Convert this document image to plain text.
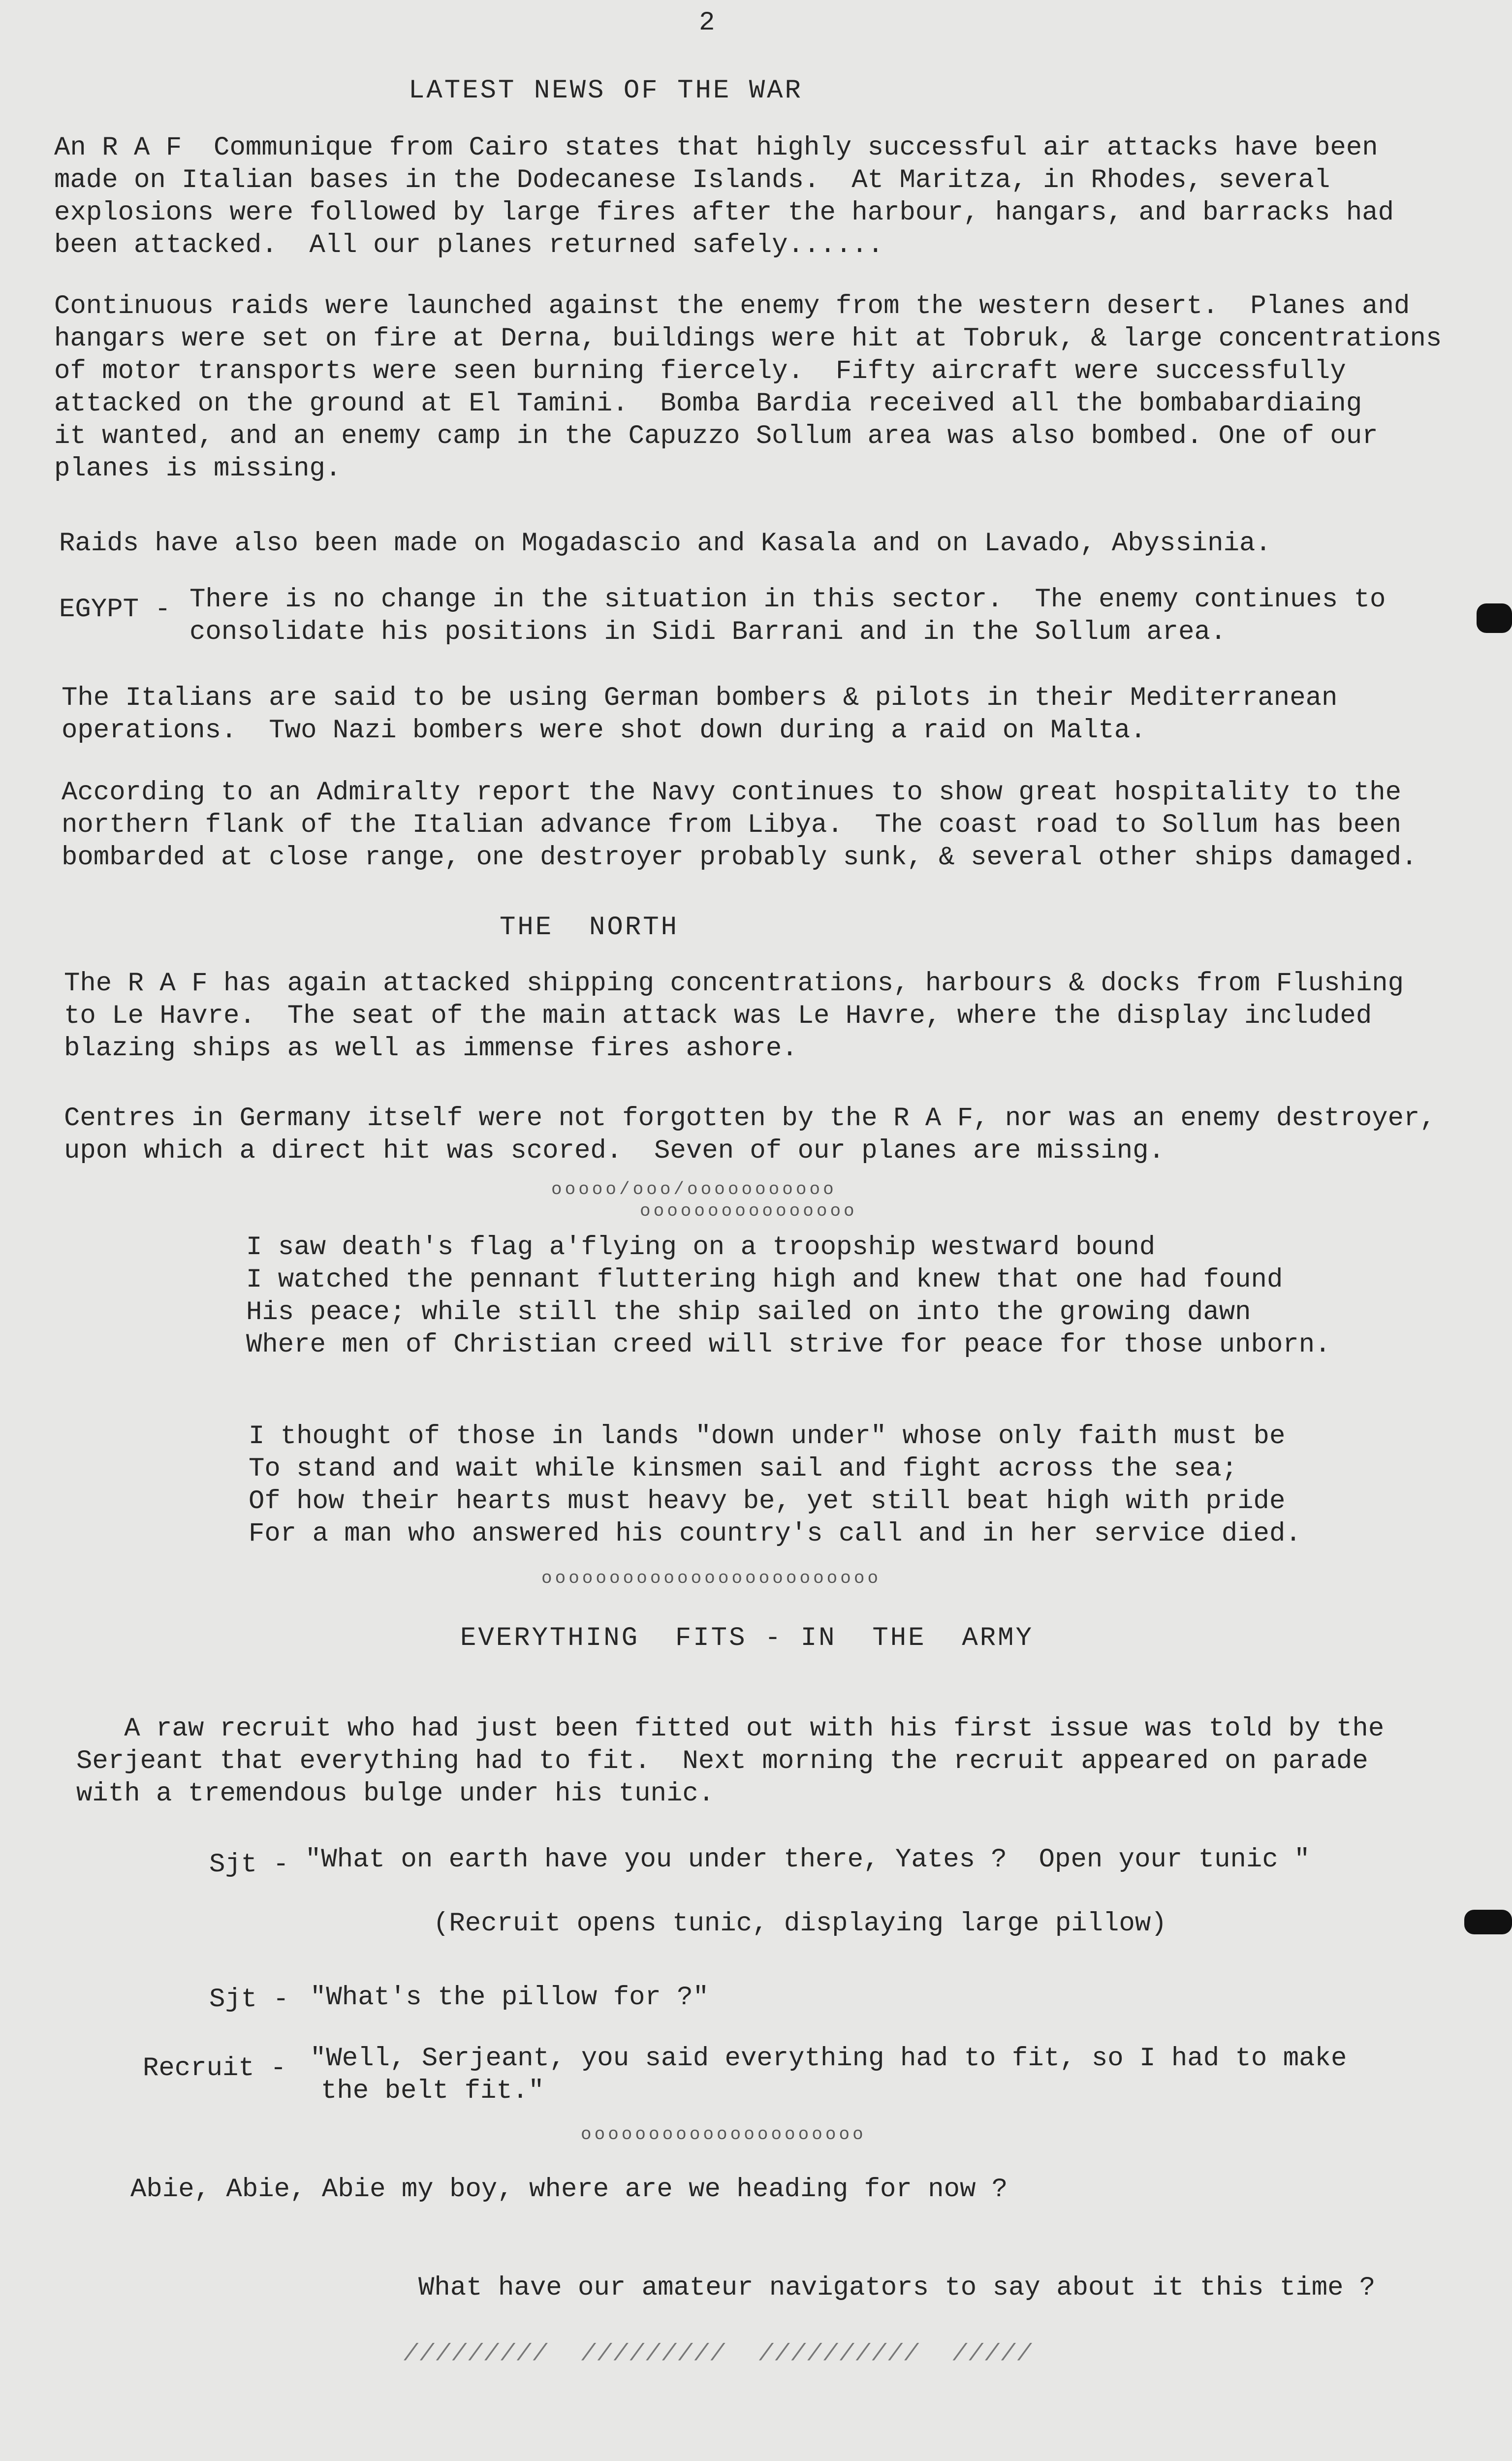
2
LATEST NEWS OF THE WAR
An R A F  Communique from Cairo states that highly successful air attacks have been
made on Italian bases in the Dodecanese Islands.  At Maritza, in Rhodes, several
explosions were followed by large fires after the harbour, hangars, and barracks had
been attacked.  All our planes returned safely......
Continuous raids were launched against the enemy from the western desert.  Planes and
hangars were set on fire at Derna, buildings were hit at Tobruk, & large concentrations
of motor transports were seen burning fiercely.  Fifty aircraft were successfully
attacked on the ground at El Tamini.  Bomba Bardia received all the bombabardiaing
it wanted, and an enemy camp in the Capuzzo Sollum area was also bombed. One of our
planes is missing.
Raids have also been made on Mogadascio and Kasala and on Lavado, Abyssinia.
EGYPT - There is no change in the situation in this sector.  The enemy continues to
consolidate his positions in Sidi Barrani and in the Sollum area.
The Italians are said to be using German bombers & pilots in their Mediterranean
operations.  Two Nazi bombers were shot down during a raid on Malta.
According to an Admiralty report the Navy continues to show great hospitality to the
northern flank of the Italian advance from Libya.  The coast road to Sollum has been
bombarded at close range, one destroyer probably sunk, & several other ships damaged.
THE  NORTH
The R A F has again attacked shipping concentrations, harbours & docks from Flushing
to Le Havre.  The seat of the main attack was Le Havre, where the display included
blazing ships as well as immense fires ashore.
Centres in Germany itself were not forgotten by the R A F, nor was an enemy destroyer,
upon which a direct hit was scored.  Seven of our planes are missing.
ooooo/ooo/ooooooooooo
oooooooooooooooo
I saw death's flag a'flying on a troopship westward bound
I watched the pennant fluttering high and knew that one had found
His peace; while still the ship sailed on into the growing dawn
Where men of Christian creed will strive for peace for those unborn.
I thought of those in lands "down under" whose only faith must be
To stand and wait while kinsmen sail and fight across the sea;
Of how their hearts must heavy be, yet still beat high with pride
For a man who answered his country's call and in her service died.
ooooooooooooooooooooooooo
EVERYTHING  FITS - IN  THE  ARMY
A raw recruit who had just been fitted out with his first issue was told by the
Serjeant that everything had to fit.  Next morning the recruit appeared on parade
with a tremendous bulge under his tunic.
Sjt - "What on earth have you under there, Yates ?  Open your tunic "
(Recruit opens tunic, displaying large pillow)
Sjt - "What's the pillow for ?"
Recruit - "Well, Serjeant, you said everything had to fit, so I had to make
the belt fit."
ooooooooooooooooooooo
Abie, Abie, Abie my boy, where are we heading for now ?
What have our amateur navigators to say about it this time ?
/////////  /////////  //////////  /////
